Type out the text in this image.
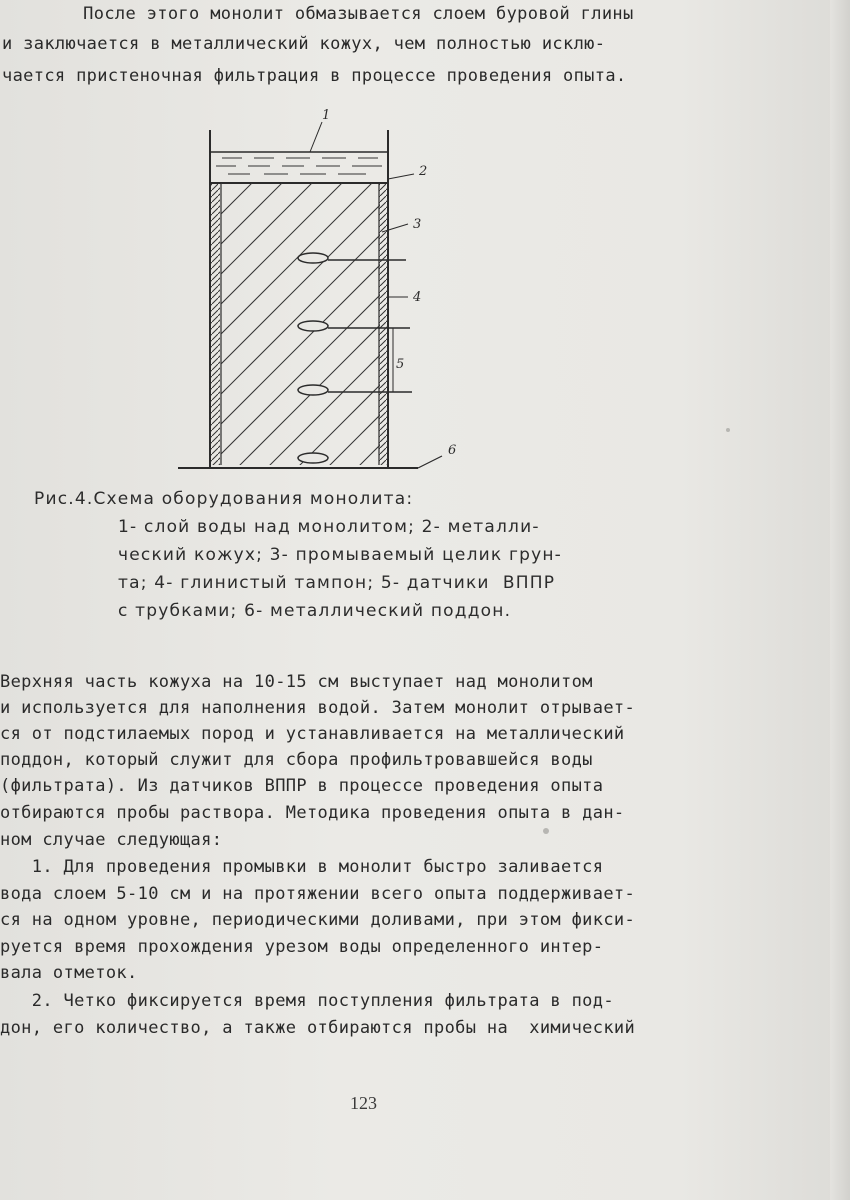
После этого монолит обмазывается слоем буровой глины
и заключается в металлический кожух, чем полностью исклю-
чается пристеночная фильтрация в процессе проведения опыта.
1
2
3
4
5
6
Рис.4.Схема оборудования монолита:
1- слой воды над монолитом; 2- металли-
ческий кожух; 3- промываемый целик грун-
та; 4- глинистый тампон; 5- датчики  ВППР
с трубками; 6- металлический поддон.
Верхняя часть кожуха на 10-15 см выступает над монолитом
и используется для наполнения водой. Затем монолит отрывает-
ся от подстилаемых пород и устанавливается на металлический
поддон, который служит для сбора профильтровавшейся воды
(фильтрата). Из датчиков ВППР в процессе проведения опыта
отбираются пробы раствора. Методика проведения опыта в дан-
ном случае следующая:
1. Для проведения промывки в монолит быстро заливается
вода слоем 5-10 см и на протяжении всего опыта поддерживает-
ся на одном уровне, периодическими доливами, при этом фикси-
руется время прохождения урезом воды определенного интер-
вала отметок.
2. Четко фиксируется время поступления фильтрата в под-
дон, его количество, а также отбираются пробы на  химический
123
